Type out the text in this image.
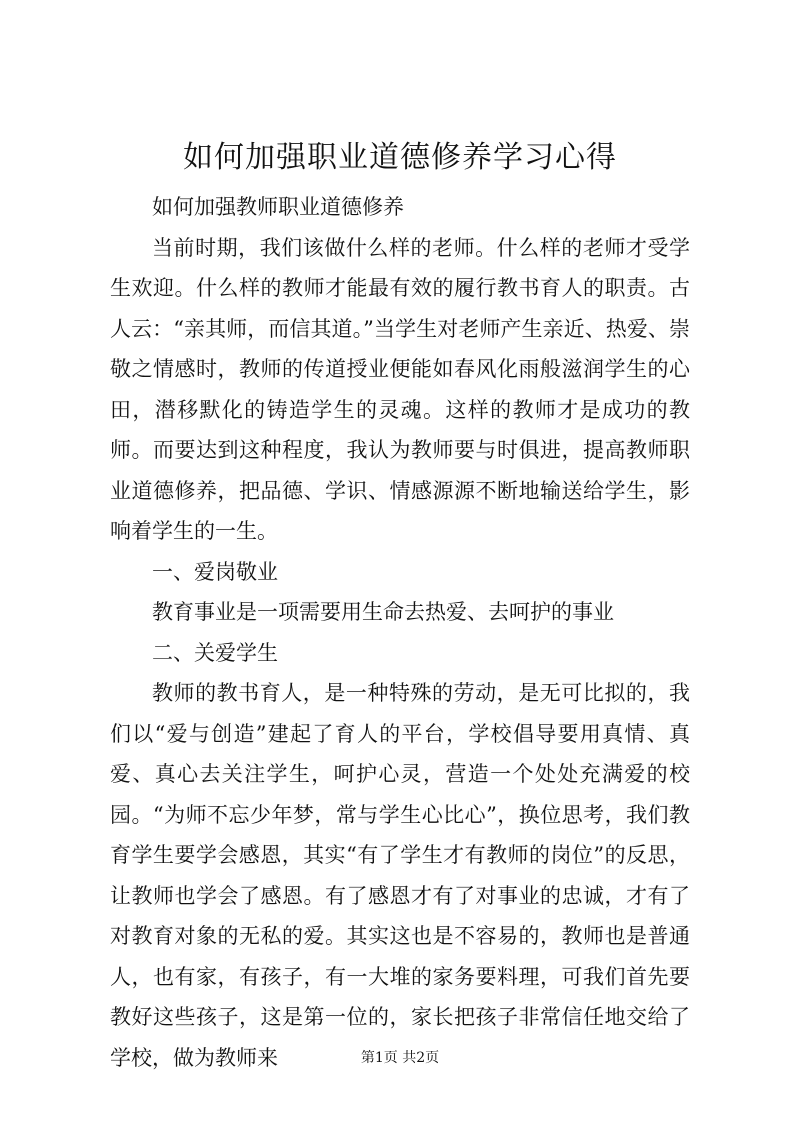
如何加强职业道德修养学习心得

如何加强教师职业道德修养

当前时期，我们该做什么样的老师。什么样的老师才受学生欢迎。什么样的教师才能最有效的履行教书育人的职责。古人云：“亲其师，而信其道。”当学生对老师产生亲近、热爱、崇敬之情感时，教师的传道授业便能如春风化雨般滋润学生的心田，潜移默化的铸造学生的灵魂。这样的教师才是成功的教师。而要达到这种程度，我认为教师要与时俱进，提高教师职业道德修养，把品德、学识、情感源源不断地输送给学生，影响着学生的一生。

一、爱岗敬业

教育事业是一项需要用生命去热爱、去呵护的事业

二、关爱学生

教师的教书育人，是一种特殊的劳动，是无可比拟的，我们以“爱与创造”建起了育人的平台，学校倡导要用真情、真爱、真心去关注学生，呵护心灵，营造一个处处充满爱的校园。“为师不忘少年梦，常与学生心比心”，换位思考，我们教育学生要学会感恩，其实“有了学生才有教师的岗位”的反思，让教师也学会了感恩。有了感恩才有了对事业的忠诚，才有了对教育对象的无私的爱。其实这也是不容易的，教师也是普通人，也有家，有孩子，有一大堆的家务要料理，可我们首先要教好这些孩子，这是第一位的，家长把孩子非常信任地交给了学校，做为教师来	第1页 共2页
